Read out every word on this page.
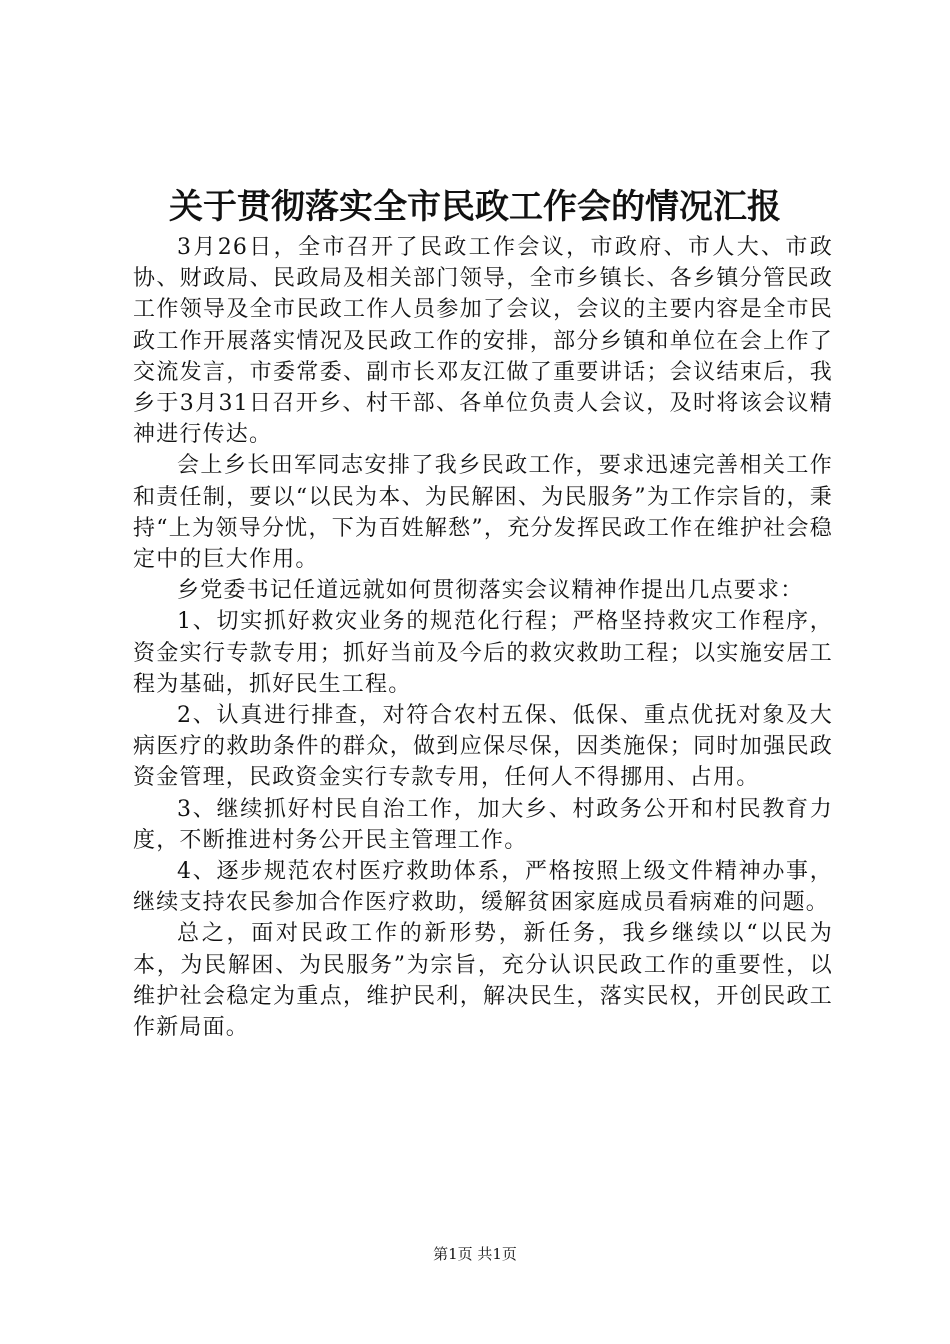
关于贯彻落实全市民政工作会的情况汇报

3月26日，全市召开了民政工作会议，市政府、市人大、市政协、财政局、民政局及相关部门领导，全市乡镇长、各乡镇分管民政工作领导及全市民政工作人员参加了会议，会议的主要内容是全市民政工作开展落实情况及民政工作的安排，部分乡镇和单位在会上作了交流发言，市委常委、副市长邓友江做了重要讲话；会议结束后，我乡于3月31日召开乡、村干部、各单位负责人会议，及时将该会议精神进行传达。

会上乡长田军同志安排了我乡民政工作，要求迅速完善相关工作和责任制，要以“以民为本、为民解困、为民服务”为工作宗旨的，秉持“上为领导分忧，下为百姓解愁”，充分发挥民政工作在维护社会稳定中的巨大作用。

乡党委书记任道远就如何贯彻落实会议精神作提出几点要求：

1、切实抓好救灾业务的规范化行程；严格坚持救灾工作程序，资金实行专款专用；抓好当前及今后的救灾救助工程；以实施安居工程为基础，抓好民生工程。

2、认真进行排查，对符合农村五保、低保、重点优抚对象及大病医疗的救助条件的群众，做到应保尽保，因类施保；同时加强民政资金管理，民政资金实行专款专用，任何人不得挪用、占用。

3、继续抓好村民自治工作，加大乡、村政务公开和村民教育力度，不断推进村务公开民主管理工作。

4、逐步规范农村医疗救助体系，严格按照上级文件精神办事，继续支持农民参加合作医疗救助，缓解贫困家庭成员看病难的问题。

总之，面对民政工作的新形势，新任务，我乡继续以“以民为本，为民解困、为民服务”为宗旨，充分认识民政工作的重要性，以维护社会稳定为重点，维护民利，解决民生，落实民权，开创民政工作新局面。

第1页 共1页
